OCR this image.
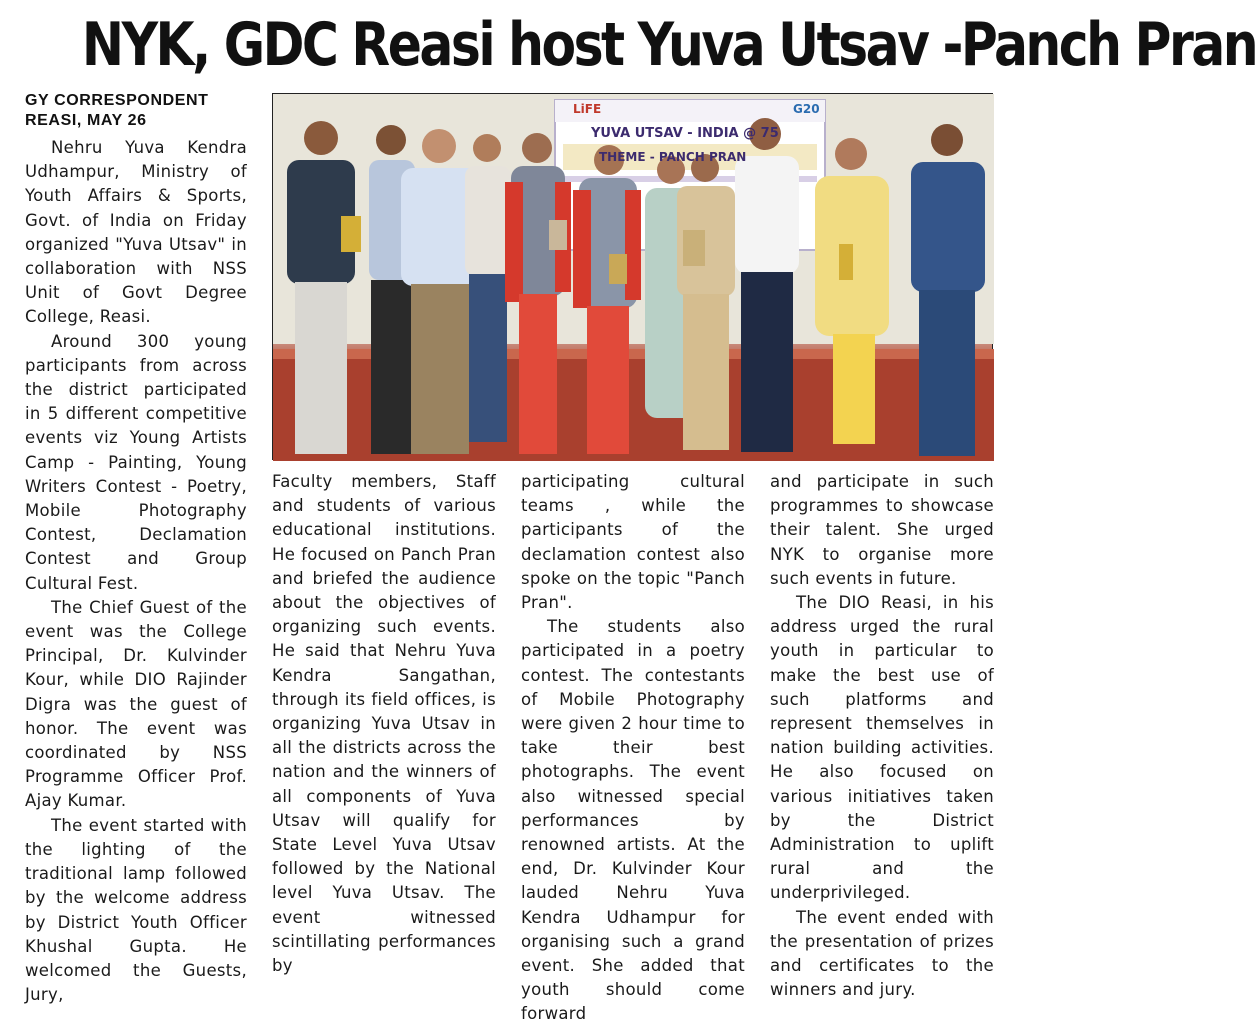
NYK, GDC Reasi host Yuva Utsav -Panch Pran
GY CORRESPONDENT
REASI, MAY 26

Nehru Yuva Kendra Udhampur, Ministry of Youth Affairs & Sports, Govt. of India on Friday organized "Yuva Utsav" in collaboration with NSS Unit of Govt Degree College, Reasi.

Around 300 young participants from across the district participated in 5 different competitive events viz Young Artists Camp - Painting, Young Writers Contest - Poetry, Mobile Photography Contest, Declamation Contest and Group Cultural Fest.

The Chief Guest of the event was the College Principal, Dr. Kulvinder Kour, while DIO Rajinder Digra was the guest of honor. The event was coordinated by NSS Programme Officer Prof. Ajay Kumar.

The event started with the lighting of the traditional lamp followed by the welcome address by District Youth Officer Khushal Gupta. He welcomed the Guests, Jury,

LiFE	G20
YUVA UTSAV - INDIA @ 75
THEME - PANCH PRAN

Faculty members, Staff and students of various educational institutions. He focused on Panch Pran and briefed the audience about the objectives of organizing such events. He said that Nehru Yuva Kendra Sangathan, through its field offices, is organizing Yuva Utsav in all the districts across the nation and the winners of all components of Yuva Utsav will qualify for State Level Yuva Utsav followed by the National level Yuva Utsav. The event witnessed scintillating performances by

participating cultural teams , while the participants of the declamation contest also spoke on the topic "Panch Pran".

The students also participated in a poetry contest. The contestants of Mobile Photography were given 2 hour time to take their best photographs. The event also witnessed special performances by renowned artists. At the end, Dr. Kulvinder Kour lauded Nehru Yuva Kendra Udhampur for organising such a grand event. She added that youth should come forward

and participate in such programmes to showcase their talent. She urged NYK to organise more such events in future.

The DIO Reasi, in his address urged the rural youth in particular to make the best use of such platforms and represent themselves in nation building activities. He also focused on various initiatives taken by the District Administration to uplift rural and the underprivileged.

The event ended with the presentation of prizes and certificates to the winners and jury.
